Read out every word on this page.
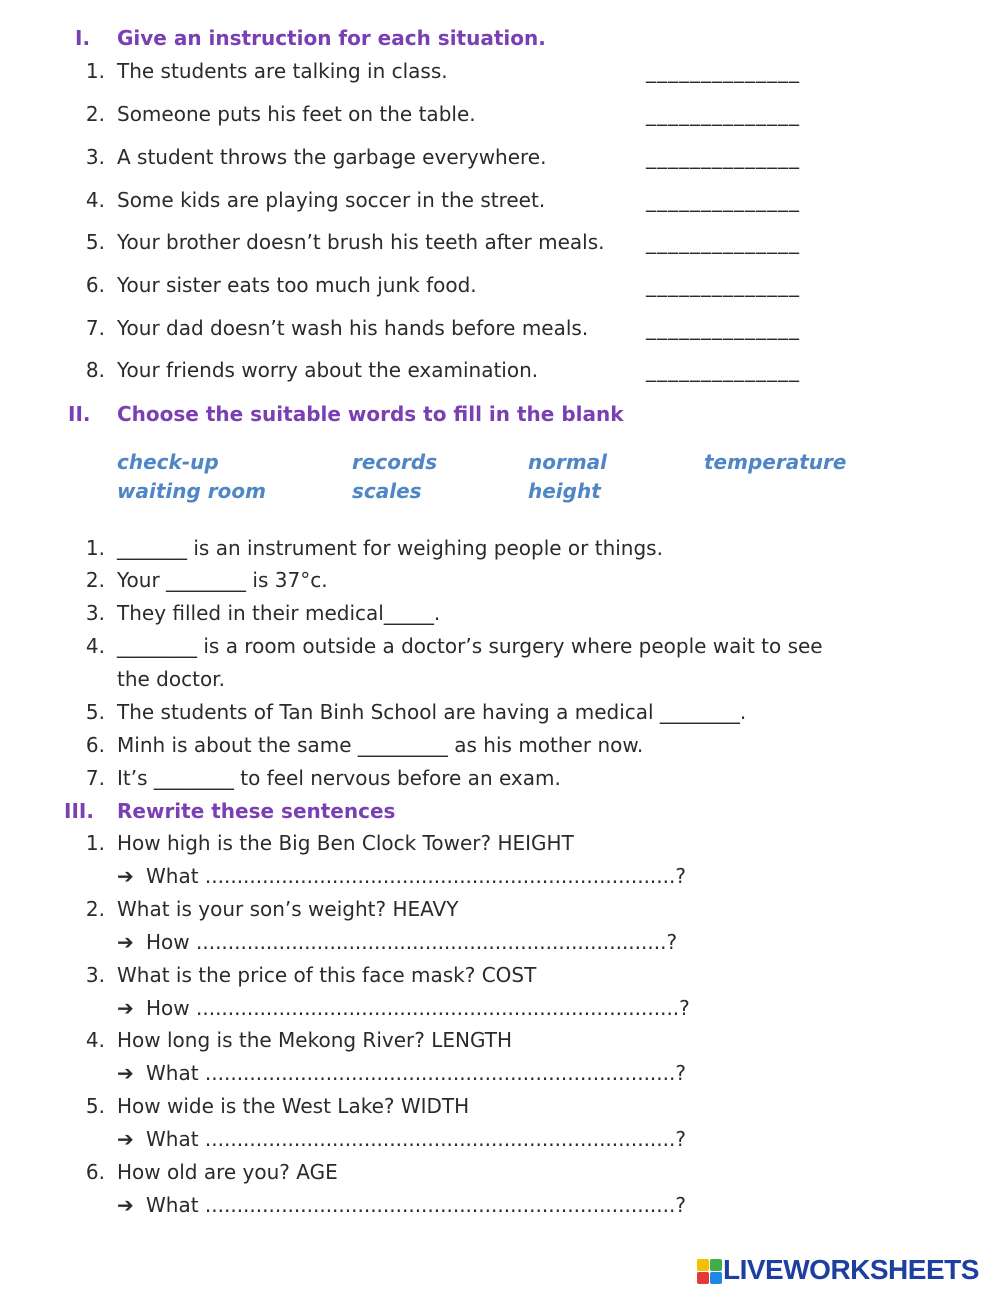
I. Give an instruction for each situation.
1. The students are talking in class.	______________
2. Someone puts his feet on the table.	______________
3. A student throws the garbage everywhere.	______________
4. Some kids are playing soccer in the street.	______________
5. Your brother doesn’t brush his teeth after meals. ______________
6. Your sister eats too much junk food.	______________
7. Your dad doesn’t wash his hands before meals.	______________
8. Your friends worry about the examination.	______________
II. Choose the suitable words to fill in the blank
check-up	records	normal	temperature
waiting room	scales	height
1. _______ is an instrument for weighing people or things.
2. Your ________ is 37°c.
3. They filled in their medical_____.
4. ________ is a room outside a doctor’s surgery where people wait to see
the doctor.
5. The students of Tan Binh School are having a medical ________.
6. Minh is about the same _________ as his mother now.
7. It’s ________ to feel nervous before an exam.
III. Rewrite these sentences
1. How high is the Big Ben Clock Tower? HEIGHT
➔ What ..........................................................................?
2. What is your son’s weight? HEAVY
➔ How ..........................................................................?
3. What is the price of this face mask? COST
➔ How ............................................................................?
4. How long is the Mekong River? LENGTH
➔ What ..........................................................................?
5. How wide is the West Lake? WIDTH
➔ What ..........................................................................?
6. How old are you? AGE
➔ What ..........................................................................?
LIVEWORKSHEETS
